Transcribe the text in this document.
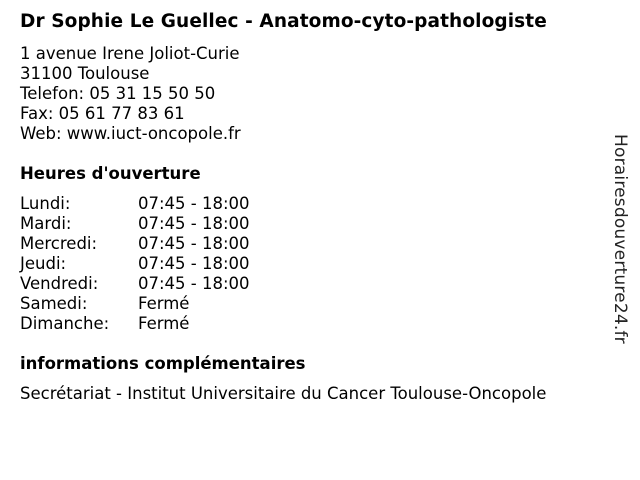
Dr Sophie Le Guellec - Anatomo-cyto-pathologiste
1 avenue Irene Joliot-Curie
31100 Toulouse
Telefon: 05 31 15 50 50
Fax: 05 61 77 83 61
Web: www.iuct-oncopole.fr
Heures d'ouverture
Lundi:	07:45 - 18:00
Mardi:	07:45 - 18:00
Mercredi:	07:45 - 18:00
Jeudi:	07:45 - 18:00
Vendredi:	07:45 - 18:00
Samedi:	Fermé
Dimanche:	Fermé
informations complémentaires
Secrétariat - Institut Universitaire du Cancer Toulouse-Oncopole
Horairesdouverture24.fr
